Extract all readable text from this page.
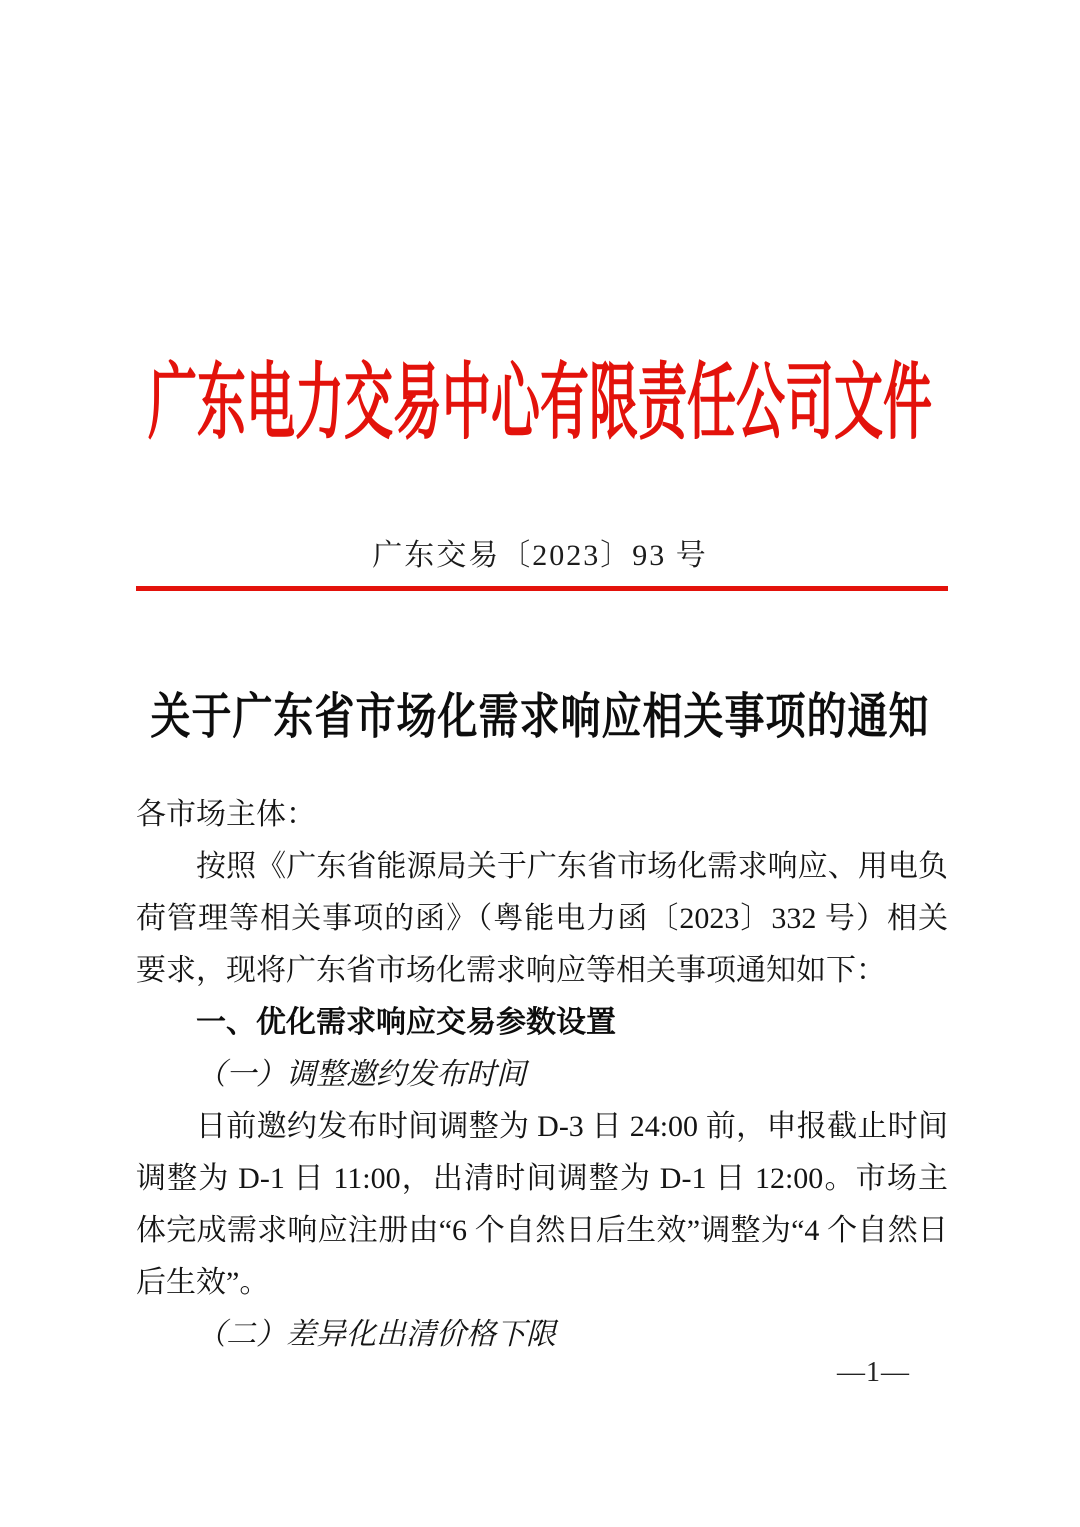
广东电力交易中心有限责任公司文件
广东交易〔2023〕93 号
关于广东省市场化需求响应相关事项的通知

各市场主体：

按照《广东省能源局关于广东省市场化需求响应、用电负荷管理等相关事项的函》（粤能电力函〔2023〕332 号）相关要求，现将广东省市场化需求响应等相关事项通知如下：

一、优化需求响应交易参数设置

（一）调整邀约发布时间

日前邀约发布时间调整为 D-3 日 24:00 前，申报截止时间调整为 D-1 日 11:00，出清时间调整为 D-1 日 12:00。市场主体完成需求响应注册由“6 个自然日后生效”调整为“4 个自然日后生效”。

（二）差异化出清价格下限

—1—
